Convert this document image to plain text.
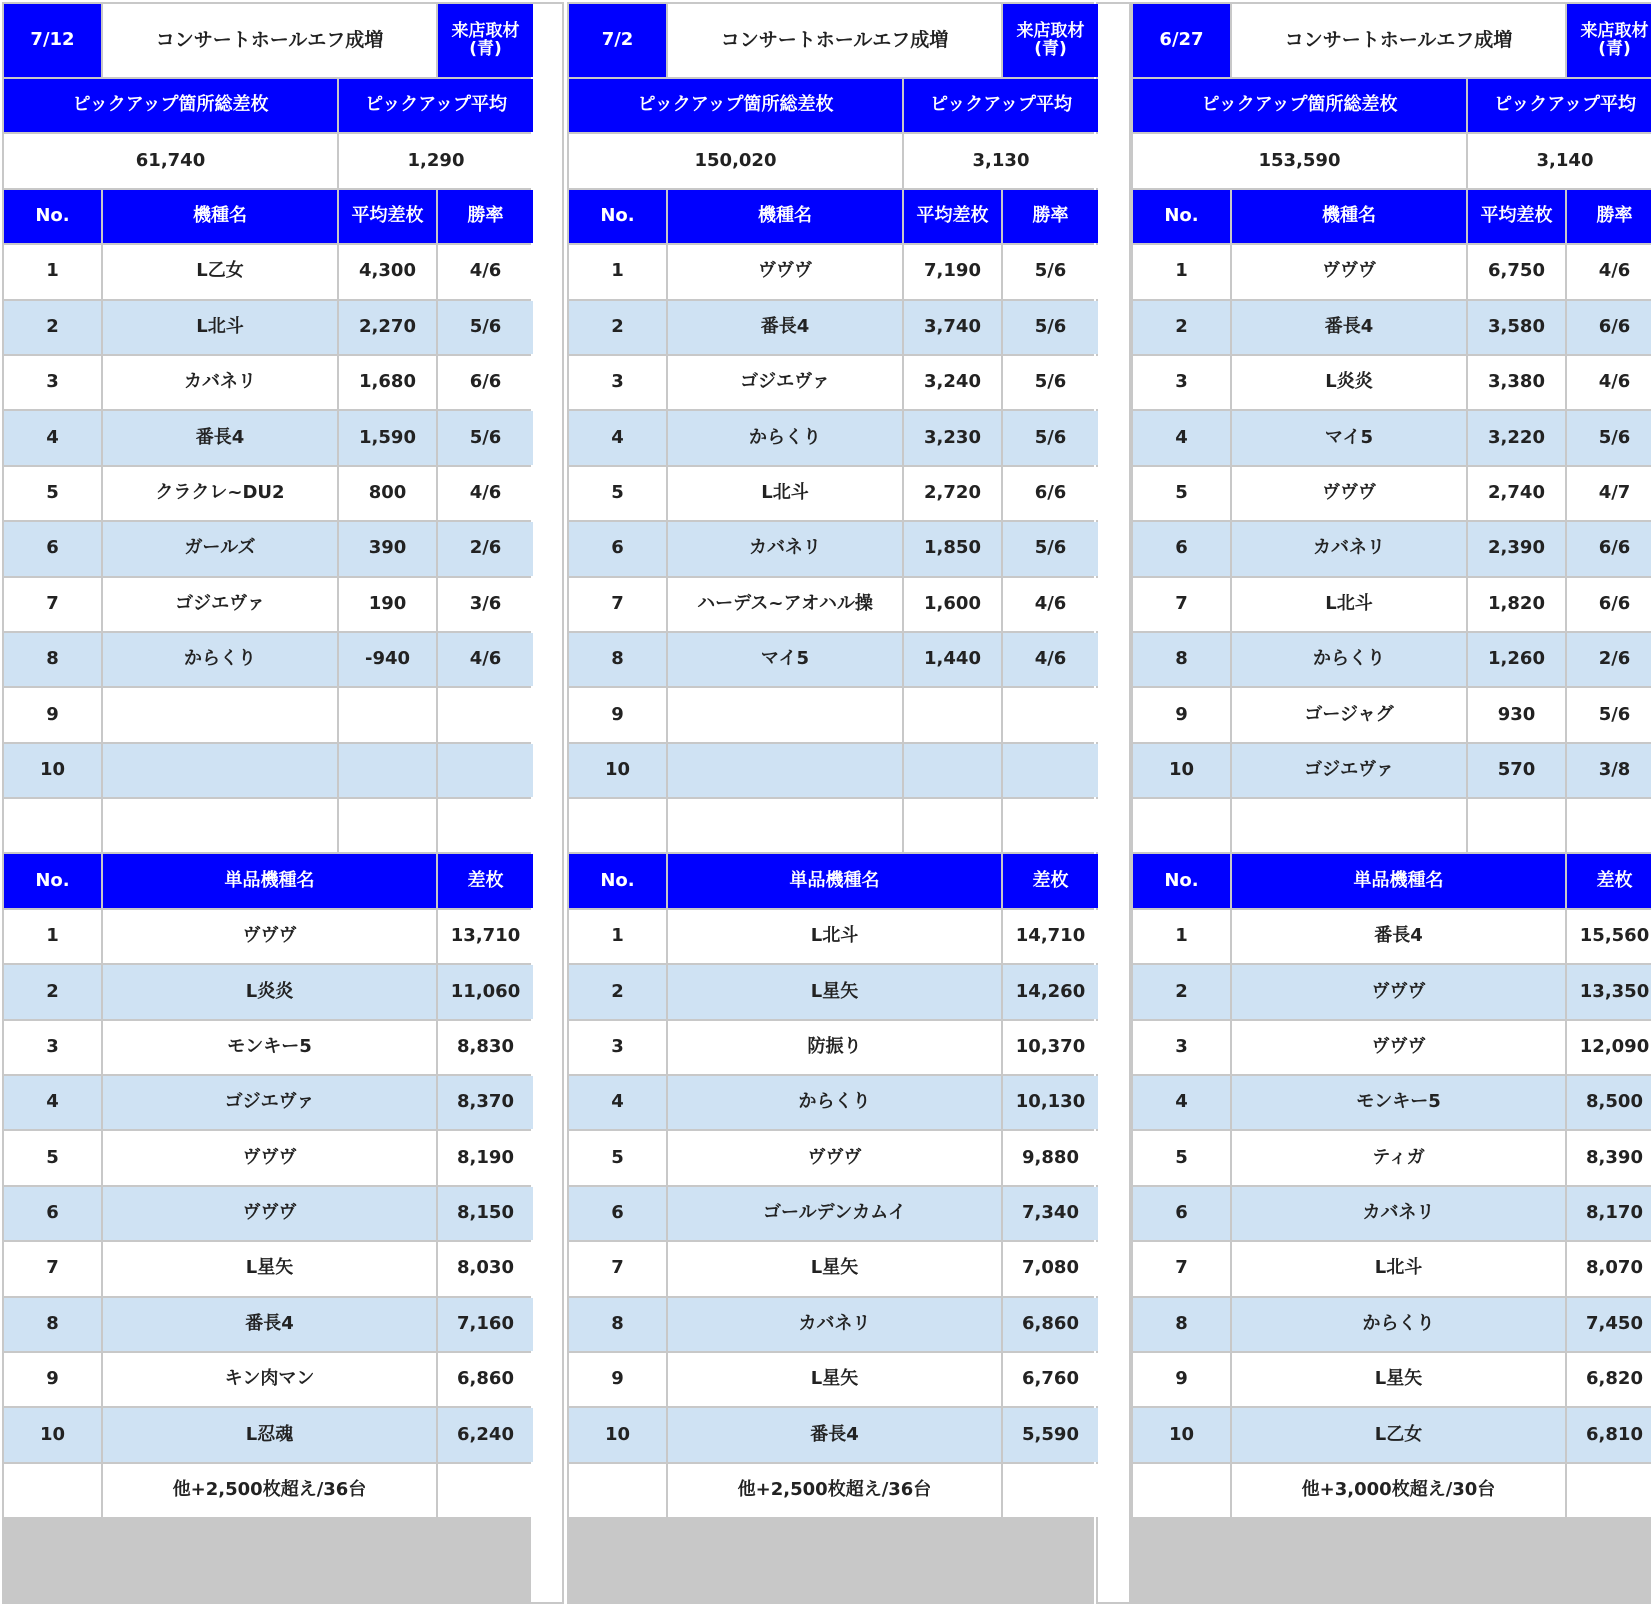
7/12	コンサートホールエフ成増	来店取材
(青)
ピックアップ箇所総差枚	ピックアップ平均
61,740	1,290
No.	機種名	平均差枚	勝率
1	L乙女	4,300	4/6
2	L北斗	2,270	5/6
3	カバネリ	1,680	6/6
4	番長4	1,590	5/6
5	クラクレ~DU2	800	4/6
6	ガールズ	390	2/6
7	ゴジエヴァ	190	3/6
8	からくり	-940	4/6
9
10
No.	単品機種名	差枚
1	ヴヴヴ	13,710
2	L炎炎	11,060
3	モンキー5	8,830
4	ゴジエヴァ	8,370
5	ヴヴヴ	8,190
6	ヴヴヴ	8,150
7	L星矢	8,030
8	番長4	7,160
9	キン肉マン	6,860
10	L忍魂	6,240
他+2,500枚超え/36台
7/2	コンサートホールエフ成増	来店取材
(青)
ピックアップ箇所総差枚	ピックアップ平均
150,020	3,130
No.	機種名	平均差枚	勝率
1	ヴヴヴ	7,190	5/6
2	番長4	3,740	5/6
3	ゴジエヴァ	3,240	5/6
4	からくり	3,230	5/6
5	L北斗	2,720	6/6
6	カバネリ	1,850	5/6
7	ハーデス~アオハル操	1,600	4/6
8	マイ5	1,440	4/6
9
10
No.	単品機種名	差枚
1	L北斗	14,710
2	L星矢	14,260
3	防振り	10,370
4	からくり	10,130
5	ヴヴヴ	9,880
6	ゴールデンカムイ	7,340
7	L星矢	7,080
8	カバネリ	6,860
9	L星矢	6,760
10	番長4	5,590
他+2,500枚超え/36台
6/27	コンサートホールエフ成増	来店取材
(青)
ピックアップ箇所総差枚	ピックアップ平均
153,590	3,140
No.	機種名	平均差枚	勝率
1	ヴヴヴ	6,750	4/6
2	番長4	3,580	6/6
3	L炎炎	3,380	4/6
4	マイ5	3,220	5/6
5	ヴヴヴ	2,740	4/7
6	カバネリ	2,390	6/6
7	L北斗	1,820	6/6
8	からくり	1,260	2/6
9	ゴージャグ	930	5/6
10	ゴジエヴァ	570	3/8
No.	単品機種名	差枚
1	番長4	15,560
2	ヴヴヴ	13,350
3	ヴヴヴ	12,090
4	モンキー5	8,500
5	ティガ	8,390
6	カバネリ	8,170
7	L北斗	8,070
8	からくり	7,450
9	L星矢	6,820
10	L乙女	6,810
他+3,000枚超え/30台
